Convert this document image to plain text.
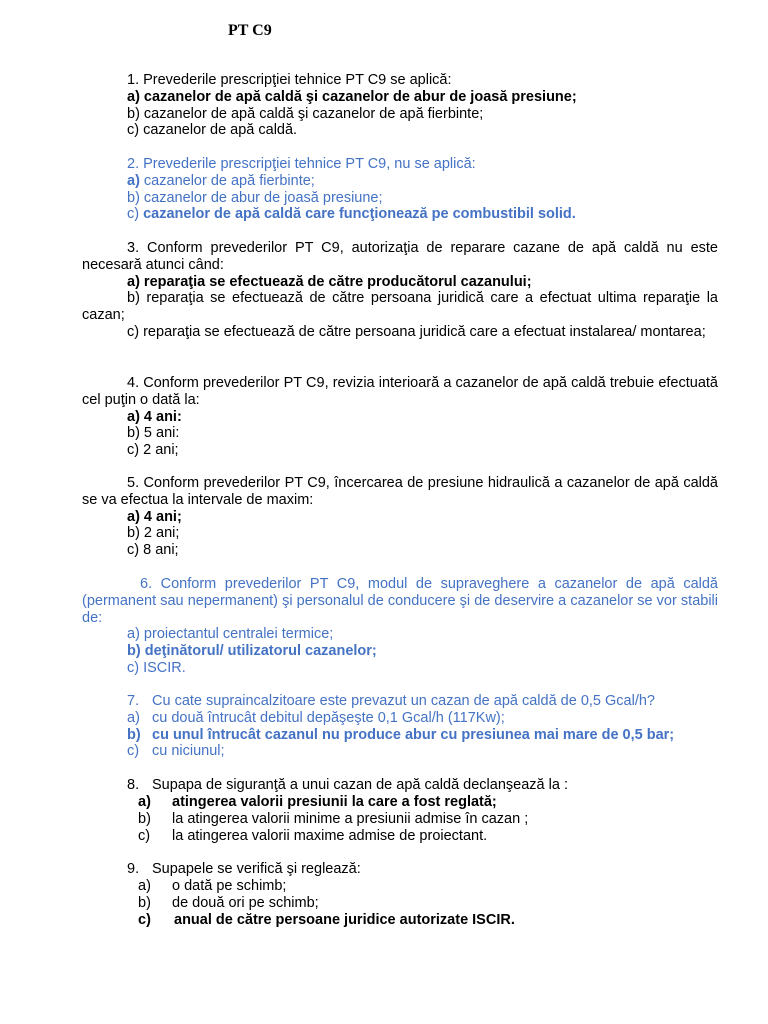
PT C9
1. Prevederile prescripţiei tehnice PT C9 se aplică:
a) cazanelor de apă caldă şi cazanelor de abur de joasă presiune;
b) cazanelor de apă caldă şi cazanelor de apă fierbinte;
c) cazanelor de apă caldă.
2. Prevederile prescripţiei tehnice PT C9, nu se aplică:
a) cazanelor de apă fierbinte;
b) cazanelor de abur de joasă presiune;
c) cazanelor de apă caldă care funcţionează pe combustibil solid.
3. Conform prevederilor PT C9, autorizaţia de reparare cazane de apă caldă nu este necesară atunci când:
a) reparaţia se efectuează de către producătorul cazanului;
b) reparaţia se efectuează de către persoana juridică care a efectuat ultima reparaţie la cazan;
c) reparaţia se efectuează de către persoana juridică care a efectuat instalarea/ montarea;
4. Conform prevederilor PT C9, revizia interioară a cazanelor de apă caldă trebuie efectuată cel puţin o dată la:
a) 4 ani:
b) 5 ani:
c) 2 ani;
5. Conform prevederilor PT C9, încercarea de presiune hidraulică a cazanelor de apă caldă se va efectua la intervale de maxim:
a) 4 ani;
b) 2 ani;
c) 8 ani;
6. Conform prevederilor PT C9, modul de supraveghere a cazanelor de apă caldă (permanent sau nepermanent) şi personalul de conducere şi de deservire a cazanelor se vor stabili de:
a) proiectantul centralei termice;
b) deţinătorul/ utilizatorul cazanelor;
c) ISCIR.
7. Cu cate supraincalzitoare este prevazut un cazan de apă caldă de 0,5 Gcal/h?
a) cu două întrucât debitul depăşeşte 0,1 Gcal/h (117Kw);
b) cu unul întrucât cazanul nu produce abur cu presiunea mai mare de 0,5 bar;
c) cu niciunul;
8. Supapa de siguranţă a unui cazan de apă caldă declanşează la :
a) atingerea valorii presiunii la care a fost reglată;
b) la atingerea valorii minime a presiunii admise în cazan ;
c) la atingerea valorii maxime admise de proiectant.
9. Supapele se verifică şi reglează:
a) o dată pe schimb;
b) de două ori pe schimb;
c) anual de către persoane juridice autorizate ISCIR.
